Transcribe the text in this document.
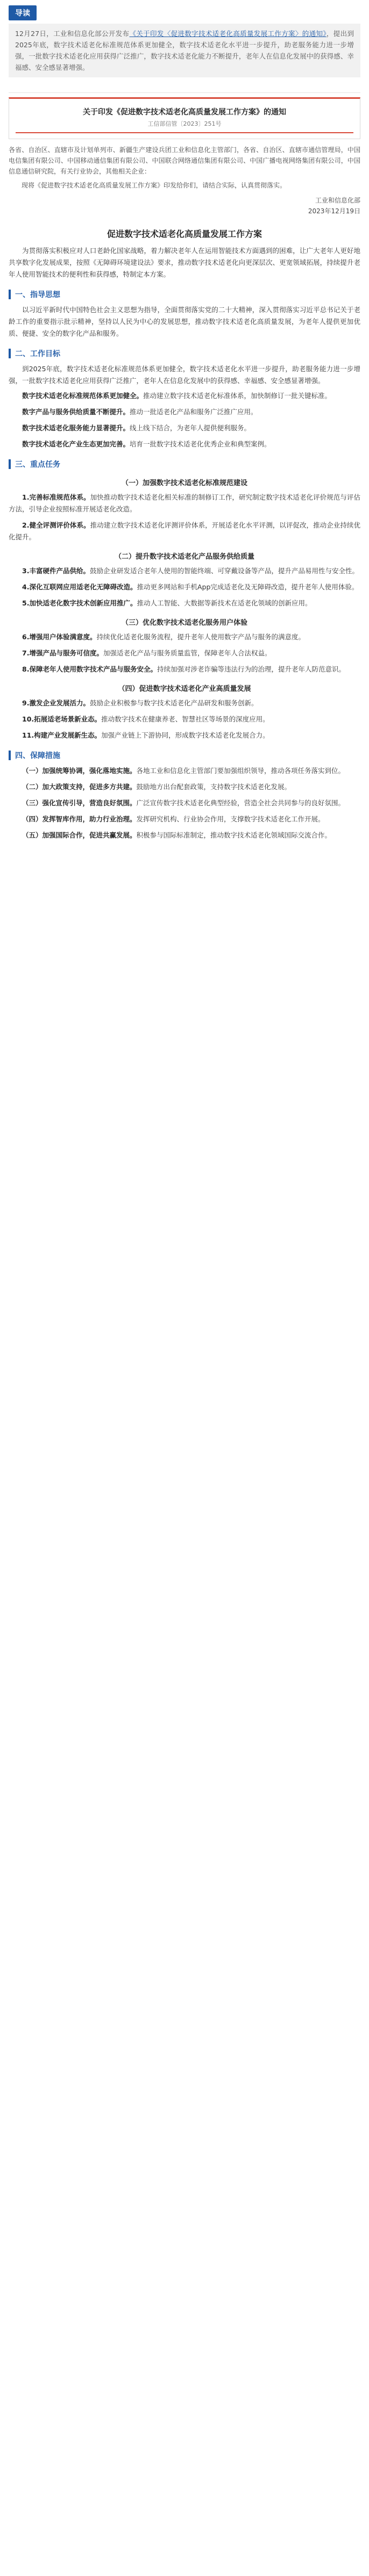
导读
12月27日，工业和信息化部公开发布《关于印发〈促进数字技术适老化高质量发展工作方案〉的通知》，提出到2025年底，数字技术适老化标准规范体系更加健全，数字技术适老化水平进一步提升，助老服务能力进一步增强，一批数字技术适老化应用获得广泛推广，数字技术适老化能力不断提升，老年人在信息化发展中的获得感、幸福感、安全感显著增强。
关于印发《促进数字技术适老化高质量发展工作方案》的通知
工信部信管〔2023〕251号

各省、自治区、直辖市及计划单列市、新疆生产建设兵团工业和信息化主管部门，各省、自治区、直辖市通信管理局，中国电信集团有限公司、中国移动通信集团有限公司、中国联合网络通信集团有限公司、中国广播电视网络集团有限公司，中国信息通信研究院，有关行业协会，其他相关企业：

现将《促进数字技术适老化高质量发展工作方案》印发给你们，请结合实际，认真贯彻落实。

工业和信息化部
2023年12月19日
促进数字技术适老化高质量发展工作方案

为贯彻落实积极应对人口老龄化国家战略，着力解决老年人在运用智能技术方面遇到的困难，让广大老年人更好地共享数字化发展成果，按照《无障碍环境建设法》要求，推动数字技术适老化向更深层次、更宽领域拓展，持续提升老年人使用智能技术的便利性和获得感，特制定本方案。

一、指导思想

以习近平新时代中国特色社会主义思想为指导，全面贯彻落实党的二十大精神，深入贯彻落实习近平总书记关于老龄工作的重要指示批示精神，坚持以人民为中心的发展思想，推动数字技术适老化高质量发展，为老年人提供更加优质、便捷、安全的数字化产品和服务。

二、工作目标

到2025年底，数字技术适老化标准规范体系更加健全，数字技术适老化水平进一步提升，助老服务能力进一步增强，一批数字技术适老化应用获得广泛推广，老年人在信息化发展中的获得感、幸福感、安全感显著增强。

数字技术适老化标准规范体系更加健全。推动建立数字技术适老化标准体系，加快制修订一批关键标准。

数字产品与服务供给质量不断提升。推动一批适老化产品和服务广泛推广应用。

数字技术适老化服务能力显著提升。线上线下结合，为老年人提供便利服务。

数字技术适老化产业生态更加完善。培育一批数字技术适老化优秀企业和典型案例。

三、重点任务
（一）加强数字技术适老化标准规范建设

1.完善标准规范体系。加快推动数字技术适老化相关标准的制修订工作，研究制定数字技术适老化评价规范与评估方法，引导企业按照标准开展适老化改造。

2.健全评测评价体系。推动建立数字技术适老化评测评价体系，开展适老化水平评测，以评促改，推动企业持续优化提升。

（二）提升数字技术适老化产品服务供给质量

3.丰富硬件产品供给。鼓励企业研发适合老年人使用的智能终端、可穿戴设备等产品，提升产品易用性与安全性。

4.深化互联网应用适老化无障碍改造。推动更多网站和手机App完成适老化及无障碍改造，提升老年人使用体验。

5.加快适老化数字技术创新应用推广。推动人工智能、大数据等新技术在适老化领域的创新应用。

（三）优化数字技术适老化服务用户体验

6.增强用户体验满意度。持续优化适老化服务流程，提升老年人使用数字产品与服务的满意度。

7.增强产品与服务可信度。加强适老化产品与服务质量监管，保障老年人合法权益。

8.保障老年人使用数字技术产品与服务安全。持续加强对涉老诈骗等违法行为的治理，提升老年人防范意识。

（四）促进数字技术适老化产业高质量发展

9.激发企业发展活力。鼓励企业积极参与数字技术适老化产品研发和服务创新。

10.拓展适老场景新业态。推动数字技术在健康养老、智慧社区等场景的深度应用。

11.构建产业发展新生态。加强产业链上下游协同，形成数字技术适老化发展合力。

四、保障措施

（一）加强统筹协调，强化落地实施。各地工业和信息化主管部门要加强组织领导，推动各项任务落实到位。

（二）加大政策支持，促进多方共建。鼓励地方出台配套政策，支持数字技术适老化发展。

（三）强化宣传引导，营造良好氛围。广泛宣传数字技术适老化典型经验，营造全社会共同参与的良好氛围。

（四）发挥智库作用，助力行业治理。发挥研究机构、行业协会作用，支撑数字技术适老化工作开展。

（五）加强国际合作，促进共赢发展。积极参与国际标准制定，推动数字技术适老化领域国际交流合作。
